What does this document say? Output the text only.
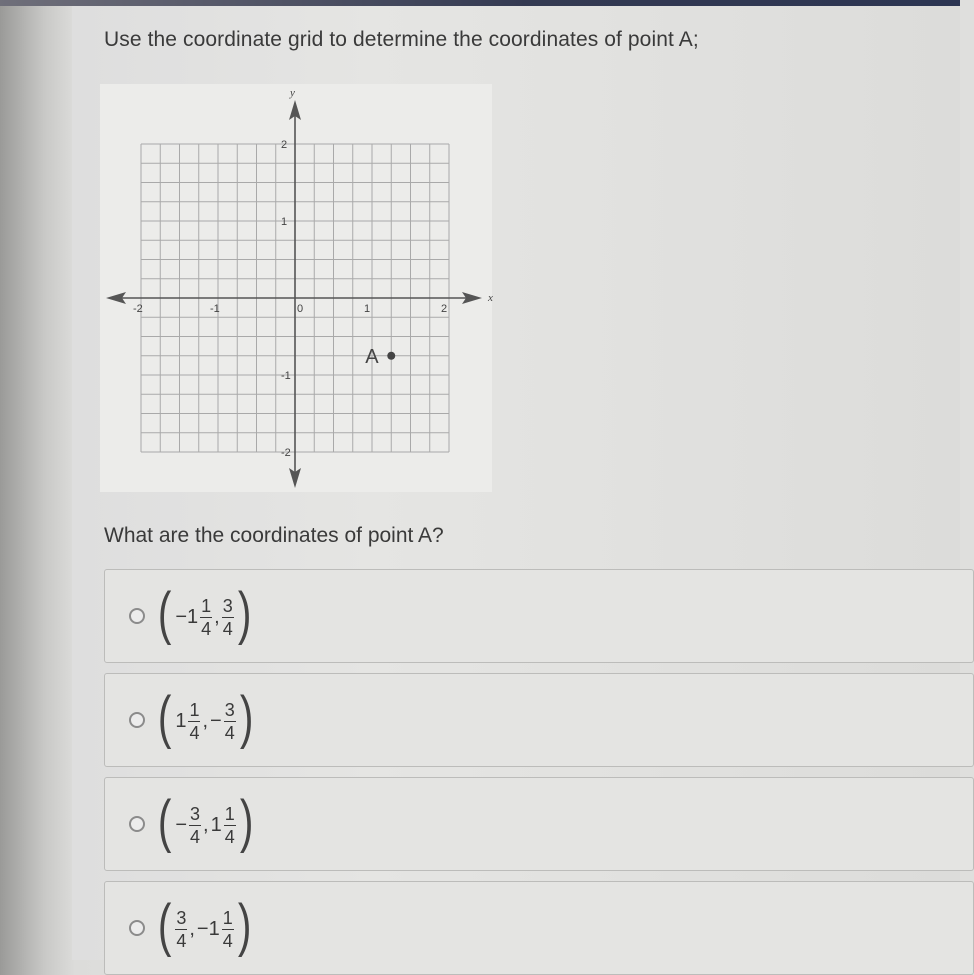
Use the coordinate grid to determine the coordinates of point A;
x
y
-2	-1	0	1	2
2
1
-1
-2
A
What are the coordinates of point A?
( $-1 \frac{1}{4}$ , $\frac{3}{4}$ )
( $1 \frac{1}{4}$ , − $\frac{3}{4}$ )
( − $\frac{3}{4}$ , $1 \frac{1}{4}$ )
( $\frac{3}{4}$ , $-1 \frac{1}{4}$ )
